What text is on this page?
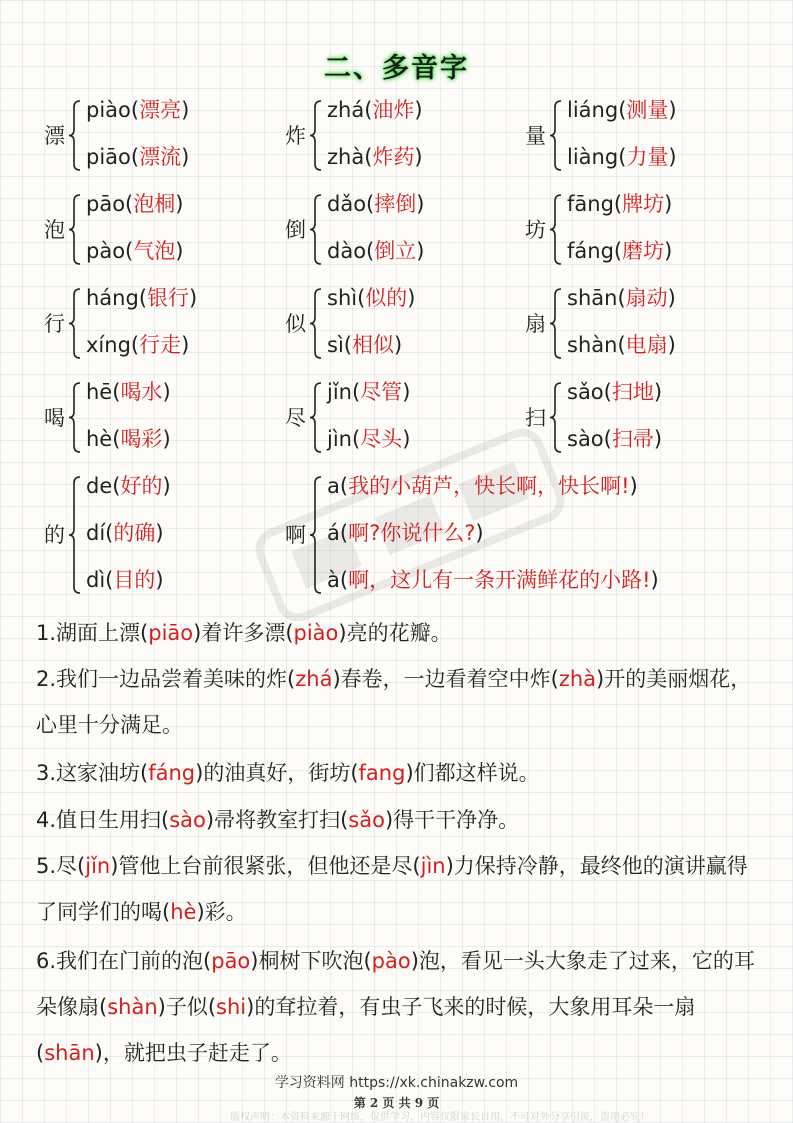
二、多音字
漂
piào(漂亮)
piāo(漂流)
炸
zhá(油炸)
zhà(炸药)
量
liáng(测量)
liàng(力量)
泡
pāo(泡桐)
pào(气泡)
倒
dǎo(摔倒)
dào(倒立)
坊
fāng(牌坊)
fáng(磨坊)
行
háng(银行)
xíng(行走)
似
shì(似的)
sì(相似)
扇
shān(扇动)
shàn(电扇)
喝
hē(喝水)
hè(喝彩)
尽
jǐn(尽管)
jìn(尽头)
扫
sǎo(扫地)
sào(扫帚)
的
de(好的)
dí(的确)
dì(目的)
啊
a(我的小葫芦，快长啊，快长啊!)
á(啊?你说什么?)
à(啊，这儿有一条开满鲜花的小路!)
1.湖面上漂(piāo)着许多漂(piào)亮的花瓣。
2.我们一边品尝着美味的炸(zhá)春卷，一边看着空中炸(zhà)开的美丽烟花，心里十分满足。
3.这家油坊(fáng)的油真好，街坊(fang)们都这样说。
4.值日生用扫(sào)帚将教室打扫(sǎo)得干干净净。
5.尽(jǐn)管他上台前很紧张，但他还是尽(jìn)力保持冷静，最终他的演讲赢得了同学们的喝(hè)彩。
6.我们在门前的泡(pāo)桐树下吹泡(pào)泡，看见一头大象走了过来，它的耳朵像扇(shàn)子似(shi)的耷拉着，有虫子飞来的时候，大象用耳朵一扇(shān)，就把虫子赶走了。
学习资料网 https://xk.chinakzw.com
第 2 页 共 9 页
版权声明：本资料来源于网络，仅供学习，内容仅限家长自用，不可对外分享引流，盗用必究！
